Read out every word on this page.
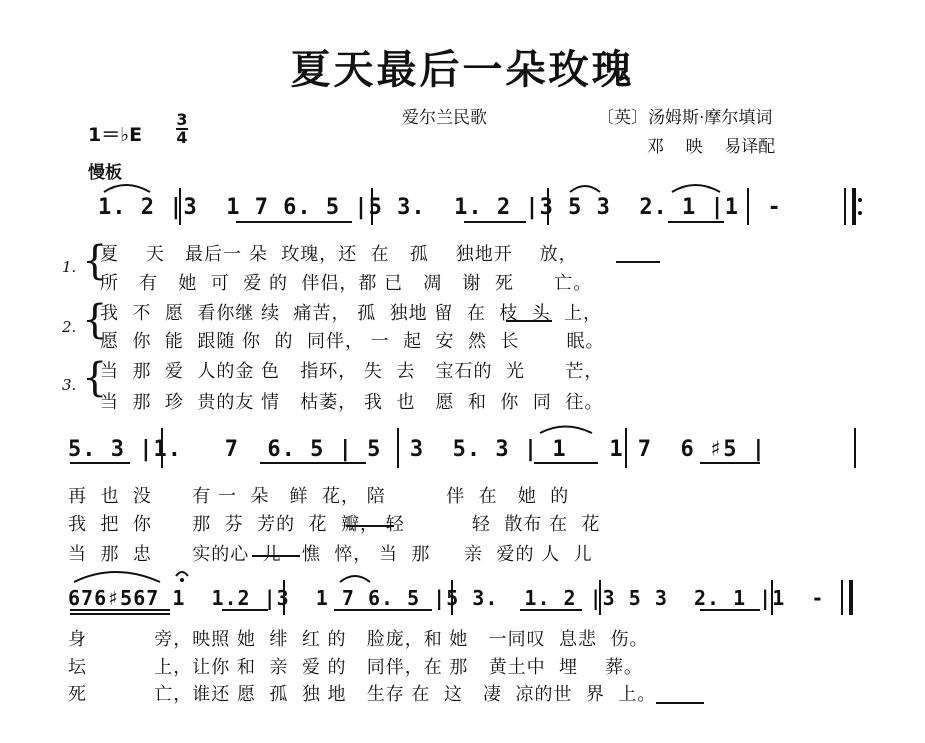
夏天最后一朵玫瑰
爱尔兰民歌	〔英〕汤姆斯·摩尔填词
邓    映    易译配
1＝♭E
3
4
慢板
1. 2 |3  1 7 6. 5 |5 3.  1. 2 |3 5 3  2. 1 |1  -
1. {
夏    天   最后一 朵  玫瑰，还  在   孤    独地开    放，
所   有   她  可  爱 的  伴侣，都 已   凋   谢  死      亡。
2. {
我  不  愿  看你继 续  痛苦， 孤  独地 留  在  枝  头  上，
愿  你  能  跟随 你  的  同伴， 一  起  安  然  长       眠。
3. {
当  那  爱  人的金 色   指环， 失  去   宝石的  光      芒，
当  那  珍  贵的友 情   枯萎， 我  也   愿  和  你  同  往。
5. 3 |1.   7  6. 5 | 5  3  5. 3 | 1   1 7  6 ♯5 |
再  也  没      有 一  朵   鲜  花， 陪         伴  在   她  的
我  把  你      那  芬  芳的  花  瓣， 轻          轻  散布 在  花
当  那  忠      实的心  儿   憔  悴， 当  那     亲  爱的 人  儿
676♯567 1  1.2 |3  1 7 6. 5 |5 3.  1. 2 |3 5 3  2. 1 |1  -
身          旁，映照 她  绯  红 的   脸庞，和 她   一同叹  息悲  伤。
坛          上，让你 和  亲  爱 的   同伴，在 那   黄土中  埋    葬。
死          亡，谁还 愿  孤  独 地   生存 在  这   凄  凉的世  界  上。
